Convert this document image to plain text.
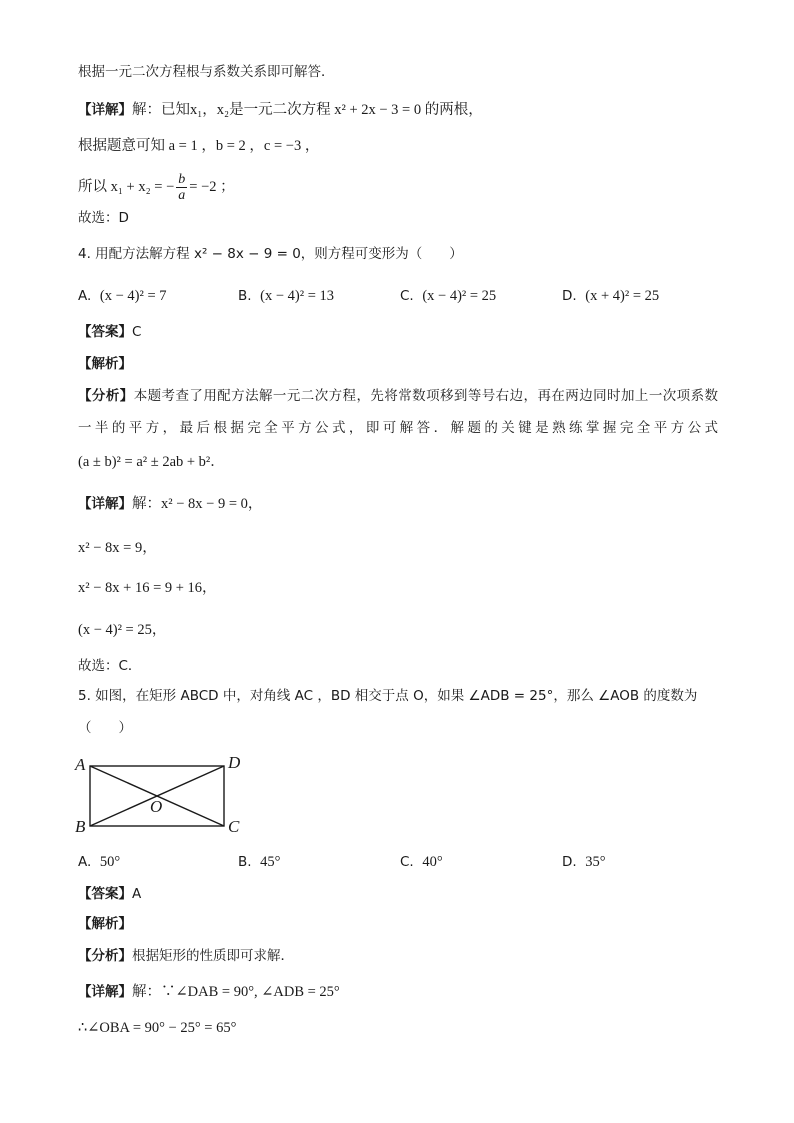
根据一元二次方程根与系数关系即可解答．
【详解】解：已知x₁，x₂是一元二次方程 x² + 2x − 3 = 0 的两根，
根据题意可知 a = 1 ，b = 2 ，c = −3 ，
所以 x₁ + x₂ = − $\frac{b}{a} = -2$ ；
故选：D
4. 用配方法解方程 x² − 8x − 9 = 0，则方程可变形为（　　）
A. (x − 4)² = 7	B. (x − 4)² = 13	C. (x − 4)² = 25	D. (x + 4)² = 25
【答案】C
【解析】
【分析】本题考查了用配方法解一元二次方程，先将常数项移到等号右边，再在两边同时加上一次项系数
一半的平方，最后根据完全平方公式，即可解答．解题的关键是熟练掌握完全平方公式
(a ± b)² = a² ± 2ab + b²．
【详解】解：x² − 8x − 9 = 0，
x² − 8x = 9，
x² − 8x + 16 = 9 + 16，
(x − 4)² = 25，
故选：C．
5. 如图，在矩形 ABCD 中，对角线 AC ，BD 相交于点 O，如果 ∠ADB = 25°，那么 ∠AOB 的度数为
（　　）
A	D
B	C
O
A. 50°	B. 45°	C. 40°	D. 35°
【答案】A
【解析】
【分析】根据矩形的性质即可求解．
【详解】解：∵∠DAB = 90°, ∠ADB = 25°
∴∠OBA = 90° − 25° = 65°
